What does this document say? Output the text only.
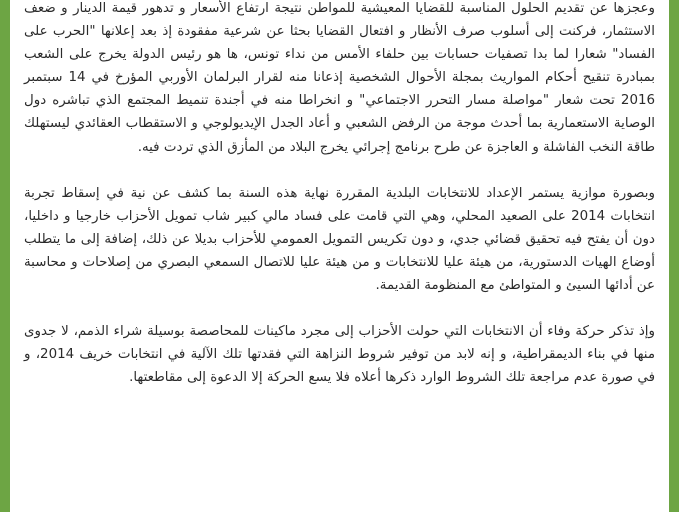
وعجزها عن تقديم الحلول المناسبة للقضايا المعيشية للمواطن نتيجة ارتفاع الأسعار و تدهور قيمة الدينار و ضعف الاستثمار، فركنت إلى أسلوب صرف الأنظار و افتعال القضايا بحثا عن شرعية مفقودة إذ بعد إعلانها "الحرب على الفساد" شعارا لما بدا تصفيات حسابات بين حلفاء الأمس من نداء تونس، ها هو رئيس الدولة يخرج على الشعب بمبادرة تنقيح أحكام المواريث بمجلة الأحوال الشخصية إذعانا منه لقرار البرلمان الأوربي المؤرخ في 14 سبتمبر 2016 تحت شعار "مواصلة مسار التحرر الاجتماعي" و انخراطا منه في أجندة تنميط المجتمع الذي تباشره دول الوصاية الاستعمارية بما أحدث موجة من الرفض الشعبي و أعاد الجدل الإيديولوجي و الاستقطاب العقائدي ليستهلك طاقة النخب الفاشلة و العاجزة عن طرح برنامج إجرائي يخرج البلاد من المأزق الذي تردت فيه.

وبصورة موازية يستمر الإعداد للانتخابات البلدية المقررة نهاية هذه السنة بما كشف عن نية في إسقاط تجربة انتخابات 2014 على الصعيد المحلي، وهي التي قامت على فساد مالي كبير شاب تمويل الأحزاب خارجيا و داخليا، دون أن يفتح فيه تحقيق قضائي جدي، و دون تكريس التمويل العمومي للأحزاب بديلا عن ذلك، إضافة إلى ما يتطلب أوضاع الهيات الدستورية، من هيئة عليا للانتخابات و من هيئة عليا للاتصال السمعي البصري من إصلاحات و محاسبة عن أدائها السيئ و المتواطئ مع المنظومة القديمة.

وإذ تذكر حركة وفاء أن الانتخابات التي حولت الأحزاب إلى مجرد ماكينات للمحاصصة بوسيلة شراء الذمم، لا جدوى منها في بناء الديمقراطية، و إنه لابد من توفير شروط النزاهة التي فقدتها تلك الآلية في انتخابات خريف 2014، و في صورة عدم مراجعة تلك الشروط الوارد ذكرها أعلاه فلا يسع الحركة إلا الدعوة إلى مقاطعتها.
